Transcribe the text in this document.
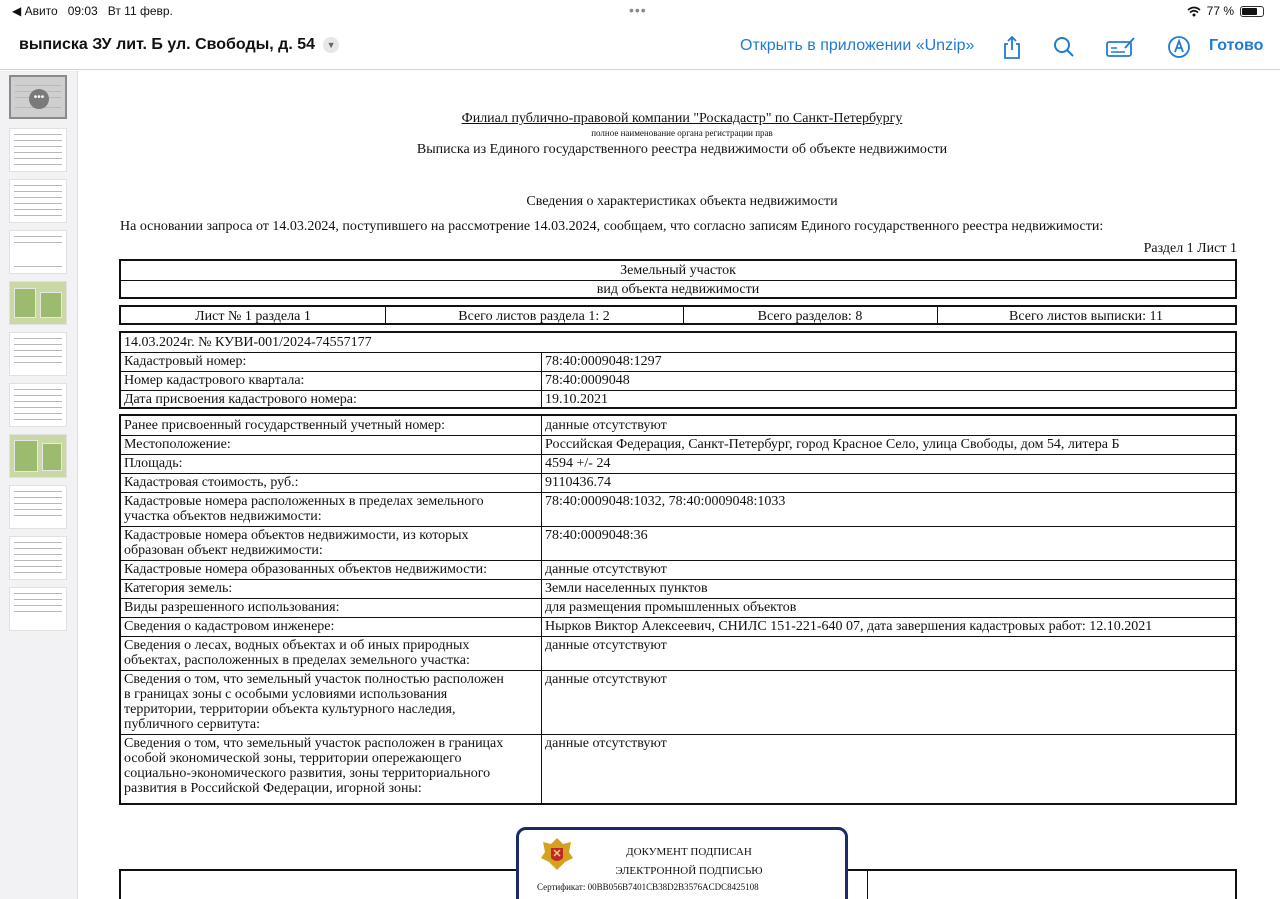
◀ Авито 09:03 Вт 11 февр.	•••	77 %
выписка ЗУ лит. Б ул. Свободы, д. 54	▼	Открыть в приложении «Unzip»	Готово
•••
Филиал публично-правовой компании "Роскадастр" по Санкт-Петербургу
полное наименование органа регистрации прав
Выписка из Единого государственного реестра недвижимости об объекте недвижимости
Сведения о характеристиках объекта недвижимости
На основании запроса от 14.03.2024, поступившего на рассмотрение 14.03.2024, сообщаем, что согласно записям Единого государственного реестра недвижимости:
Раздел 1 Лист 1
Земельный участок
вид объекта недвижимости
Лист № 1 раздела 1	Всего листов раздела 1: 2	Всего разделов: 8	Всего листов выписки: 11
14.03.2024г. № КУВИ-001/2024-74557177
Кадастровый номер:	78:40:0009048:1297
Номер кадастрового квартала:	78:40:0009048
Дата присвоения кадастрового номера:	19.10.2021
Ранее присвоенный государственный учетный номер:	данные отсутствуют
Местоположение:	Российская Федерация, Санкт-Петербург, город Красное Село, улица Свободы, дом 54, литера Б
Площадь:	4594 +/- 24
Кадастровая стоимость, руб.:	9110436.74
Кадастровые номера расположенных в пределах земельного
участка объектов недвижимости:
78:40:0009048:1032, 78:40:0009048:1033
Кадастровые номера объектов недвижимости, из которых
образован объект недвижимости:
78:40:0009048:36
Кадастровые номера образованных объектов недвижимости:	данные отсутствуют
Категория земель:	Земли населенных пунктов
Виды разрешенного использования:	для размещения промышленных объектов
Сведения о кадастровом инженере:	Нырков Виктор Алексеевич, СНИЛС 151-221-640 07, дата завершения кадастровых работ: 12.10.2021
Сведения о лесах, водных объектах и об иных природных
объектах, расположенных в пределах земельного участка:
данные отсутствуют
Сведения о том, что земельный участок полностью расположен
в границах зоны с особыми условиями использования
территории, территории объекта культурного наследия,
публичного сервитута:
данные отсутствуют
Сведения о том, что земельный участок расположен в границах
особой экономической зоны, территории опережающего
социально-экономического развития, зоны территориального
развития в Российской Федерации, игорной зоны:
данные отсутствуют
ДОКУМЕНТ ПОДПИСАН
ЭЛЕКТРОННОЙ ПОДПИСЬЮ
Сертификат: 00BB056B7401CB38D2B3576ACDC8425108
